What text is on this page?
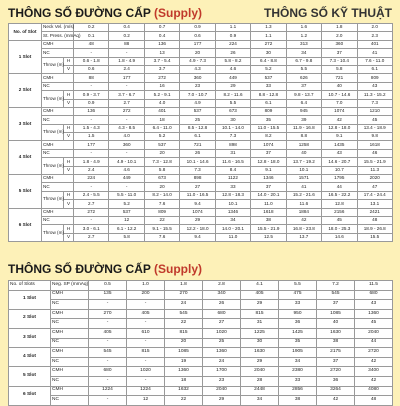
THÔNG SỐ ĐƯỜNG CẤP (Supply)	THÔNG SỐ KỸ THUẬT
No. of Slot	Neck Vel. (m/s)		0.2	0.4	0.7	0.9	1.1	1.3	1.6	1.8	2.0
	St. Press. (mmAq)		0.1	0.2	0.4	0.6	0.9	1.1	1.2	2.0	2.3
1 Slot	CMH		48	88	136	177	224	272	313	360	401
	NC		-	-	13	20	26	30	34	37	41
	Throw (m)	H	0.6 - 1.8	1.8 - 4.9	3.7 - 5.4	4.9 - 7.3	5.8 - 8.2	6.4 - 8.8	6.7 - 9.8	7.3 - 10.4	7.6 - 11.0
		V	0.6	2.4	3.7	4.3	4.6	5.2	5.5	5.8	6.1
2 Slot	CMH		88	177	272	360	449	537	626	721	809
	NC		-	-	16	23	29	33	37	40	43
	Throw (m)	H	0.9 - 3.7	3.7 - 6.7	5.2 - 9.1	7.0 - 10.7	8.2 - 11.6	8.8 - 12.8	9.8 - 13.7	10.7 - 14.6	11.3 - 15.2
		V	0.9	2.7	4.0	4.9	5.5	6.1	6.4	7.0	7.3
3 Slot	CMH		136	272	401	537	673	809	945	1074	1210
	NC		-	-	18	25	30	35	39	42	45
	Throw (m)	H	1.5 - 4.3	4.3 - 8.5	6.4 - 11.0	8.5 - 12.8	10.1 - 14.0	11.0 - 15.5	11.9 - 16.8	12.8 - 18.0	13.4 - 18.9
		V	1.5	4.0	5.2	6.1	7.3	8.2	8.8	9.1	9.8
4 Slot	CMH		177	360	537	721	898	1074	1258	1435	1618
	NC		-	-	20	26	31	37	40	43	46
	Throw (m)	H	1.8 - 4.9	4.9 - 10.1	7.3 - 12.8	10.1 - 14.6	11.6 - 16.5	12.8 - 18.0	13.7 - 19.2	14.6 - 20.7	15.5 - 21.9
		V	2.4	4.6	5.8	7.3	8.4	9.1	10.1	10.7	11.3
5 Slot	CMH		224	449	673	898	1122	1346	1571	1795	2020
	NC		-	-	20	27	33	37	41	44	47
	Throw (m)	H	2.4 - 5.5	5.5 - 11.0	8.2 - 14.0	11.0 - 16.5	12.8 - 18.3	14.0 - 20.1	15.2 - 21.6	16.5 - 22.2	17.4 - 24.4
		V	2.7	5.2	7.6	9.4	10.1	11.0	11.6	12.8	13.1
6 Slot	CMH		272	537	809	1074	1346	1618	1884	2156	2421
	NC		-	12	22	29	34	38	42	45	48
	Throw (m)	H	3.0 - 6.1	6.1 - 12.2	9.1 - 15.5	12.2 - 18.0	14.0 - 20.1	15.5 - 21.9	16.8 - 23.8	18.0 - 25.3	18.9 - 26.8
		V	2.7	5.8	7.6	9.4	11.0	12.5	13.7	14.6	15.5
THÔNG SỐ ĐƯỜNG CẤP (Supply)
No. of Slots	Neg. SP (mmAq)	0.5	1.0	1.8	2.8	4.1	5.5	7.2	11.5
1 Slot	CMH	135	200	270	340	405	475	545	680
	NC	-	-	24	26	29	33	37	43
2 Slot	CMH	270	405	545	680	815	950	1085	1360
	NC	-	-	22	27	31	36	40	45
3 Slot	CMH	405	610	815	1020	1225	1425	1630	2040
	NC	-	-	20	25	30	35	38	44
4 Slot	CMH	545	815	1085	1360	1630	1905	2175	2720
	NC	-	-	19	24	29	34	37	42
5 Slot	CMH	680	1020	1360	1700	2040	2380	2720	3400
	NC	-	-	18	23	28	33	36	42
6 Slot	CMH	1224	1224	1632	2040	2448	2856	3264	4080
	NC	-	12	22	29	34	38	42	48
